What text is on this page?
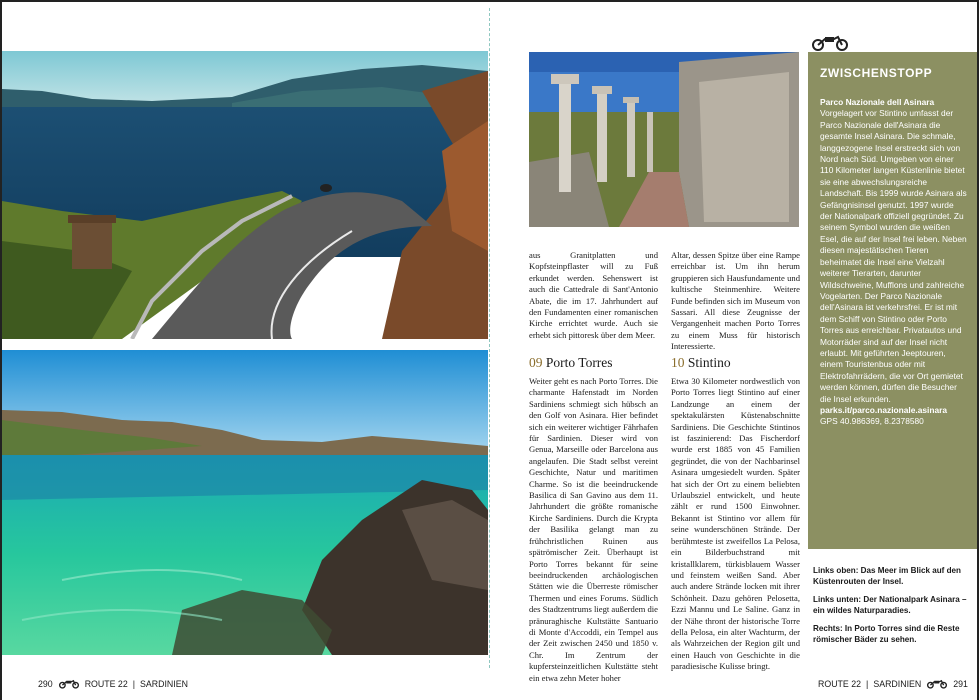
aus Granitplatten und Kopfsteinpflaster will zu Fuß erkundet werden. Sehenswert ist auch die Cattedrale di Sant'Antonio Abate, die im 17. Jahrhundert auf den Fundamenten einer romanischen Kirche errichtet wurde. Auch sie erhebt sich pittoresk über dem Meer.
Altar, dessen Spitze über eine Rampe erreichbar ist. Um ihn herum gruppieren sich Hausfundamente und kultische Steinmenhire. Weitere Funde befinden sich im Museum von Sassari. All diese Zeugnisse der Vergangenheit machen Porto Torres zu einem Muss für historisch Interessierte.
09 Porto Torres	10 Stintino
Weiter geht es nach Porto Torres. Die charmante Hafenstadt im Norden Sardiniens schmiegt sich hübsch an den Golf von Asinara. Hier befindet sich ein weiterer wichtiger Fährhafen für Sardinien. Dieser wird von Genua, Marseille oder Barcelona aus angelaufen. Die Stadt selbst vereint Geschichte, Natur und maritimen Charme. So ist die beeindruckende Basilica di San Gavino aus dem 11. Jahrhundert die größte romanische Kirche Sardiniens. Durch die Krypta der Basilika gelangt man zu frühchristlichen Ruinen aus spätrömischer Zeit. Überhaupt ist Porto Torres bekannt für seine beeindruckenden archäologischen Stätten wie die Überreste römischer Thermen und eines Forums. Südlich des Stadtzentrums liegt außerdem die pränuraghische Kultstätte Santuario di Monte d'Accoddi, ein Tempel aus der Zeit zwischen 2450 und 1850 v. Chr. Im Zentrum der kupfersteinzeitlichen Kultstätte steht ein etwa zehn Meter hoher
Etwa 30 Kilometer nordwestlich von Porto Torres liegt Stintino auf einer Landzunge an einem der spektakulärsten Küstenabschnitte Sardiniens. Die Geschichte Stintinos ist faszinierend: Das Fischerdorf wurde erst 1885 von 45 Familien gegründet, die von der Nachbarinsel Asinara umgesiedelt wurden. Später hat sich der Ort zu einem beliebten Urlaubsziel entwickelt, und heute zählt er rund 1500 Einwohner. Bekannt ist Stintino vor allem für seine wunderschönen Strände. Der berühmteste ist zweifellos La Pelosa, ein Bilderbuchstrand mit kristallklarem, türkisblauem Wasser und feinstem weißen Sand. Aber auch andere Strände locken mit ihrer Schönheit. Dazu gehören Pelosetta, Ezzi Mannu und Le Saline. Ganz in der Nähe thront der historische Torre della Pelosa, ein alter Wachturm, der als Wahrzeichen der Region gilt und einen Hauch von Geschichte in die paradiesische Kulisse bringt.
ZWISCHENSTOPP
Parco Nazionale dell Asinara
Vorgelagert vor Stintino umfasst der Parco Nazionale dell'Asinara die gesamte Insel Asinara. Die schmale, langgezogene Insel erstreckt sich von Nord nach Süd. Umgeben von einer 110 Kilometer langen Küstenlinie bietet sie eine abwechslungsreiche Landschaft. Bis 1999 wurde Asinara als Gefängnisinsel genutzt. 1997 wurde der Nationalpark offiziell gegründet. Zu seinem Symbol wurden die weißen Esel, die auf der Insel frei leben. Neben diesen majestätischen Tieren beheimatet die Insel eine Vielzahl weiterer Tierarten, darunter Wildschweine, Mufflons und zahlreiche Vogelarten. Der Parco Nazionale dell'Asinara ist verkehrsfrei. Er ist mit dem Schiff von Stintino oder Porto Torres aus erreichbar. Privatautos und Motorräder sind auf der Insel nicht erlaubt. Mit geführten Jeeptouren, einem Touristenbus oder mit Elektrofahrrädern, die vor Ort gemietet werden können, dürfen die Besucher die Insel erkunden.
parks.it/parco.nazionale.asinara
GPS 40.986369, 8.2378580

Links oben: Das Meer im Blick auf den Küstenrouten der Insel.

Links unten: Der Nationalpark Asinara – ein wildes Naturparadies.

Rechts: In Porto Torres sind die Reste römischer Bäder zu sehen.

290	ROUTE 22 | SARDINIEN	ROUTE 22 | SARDINIEN	291
